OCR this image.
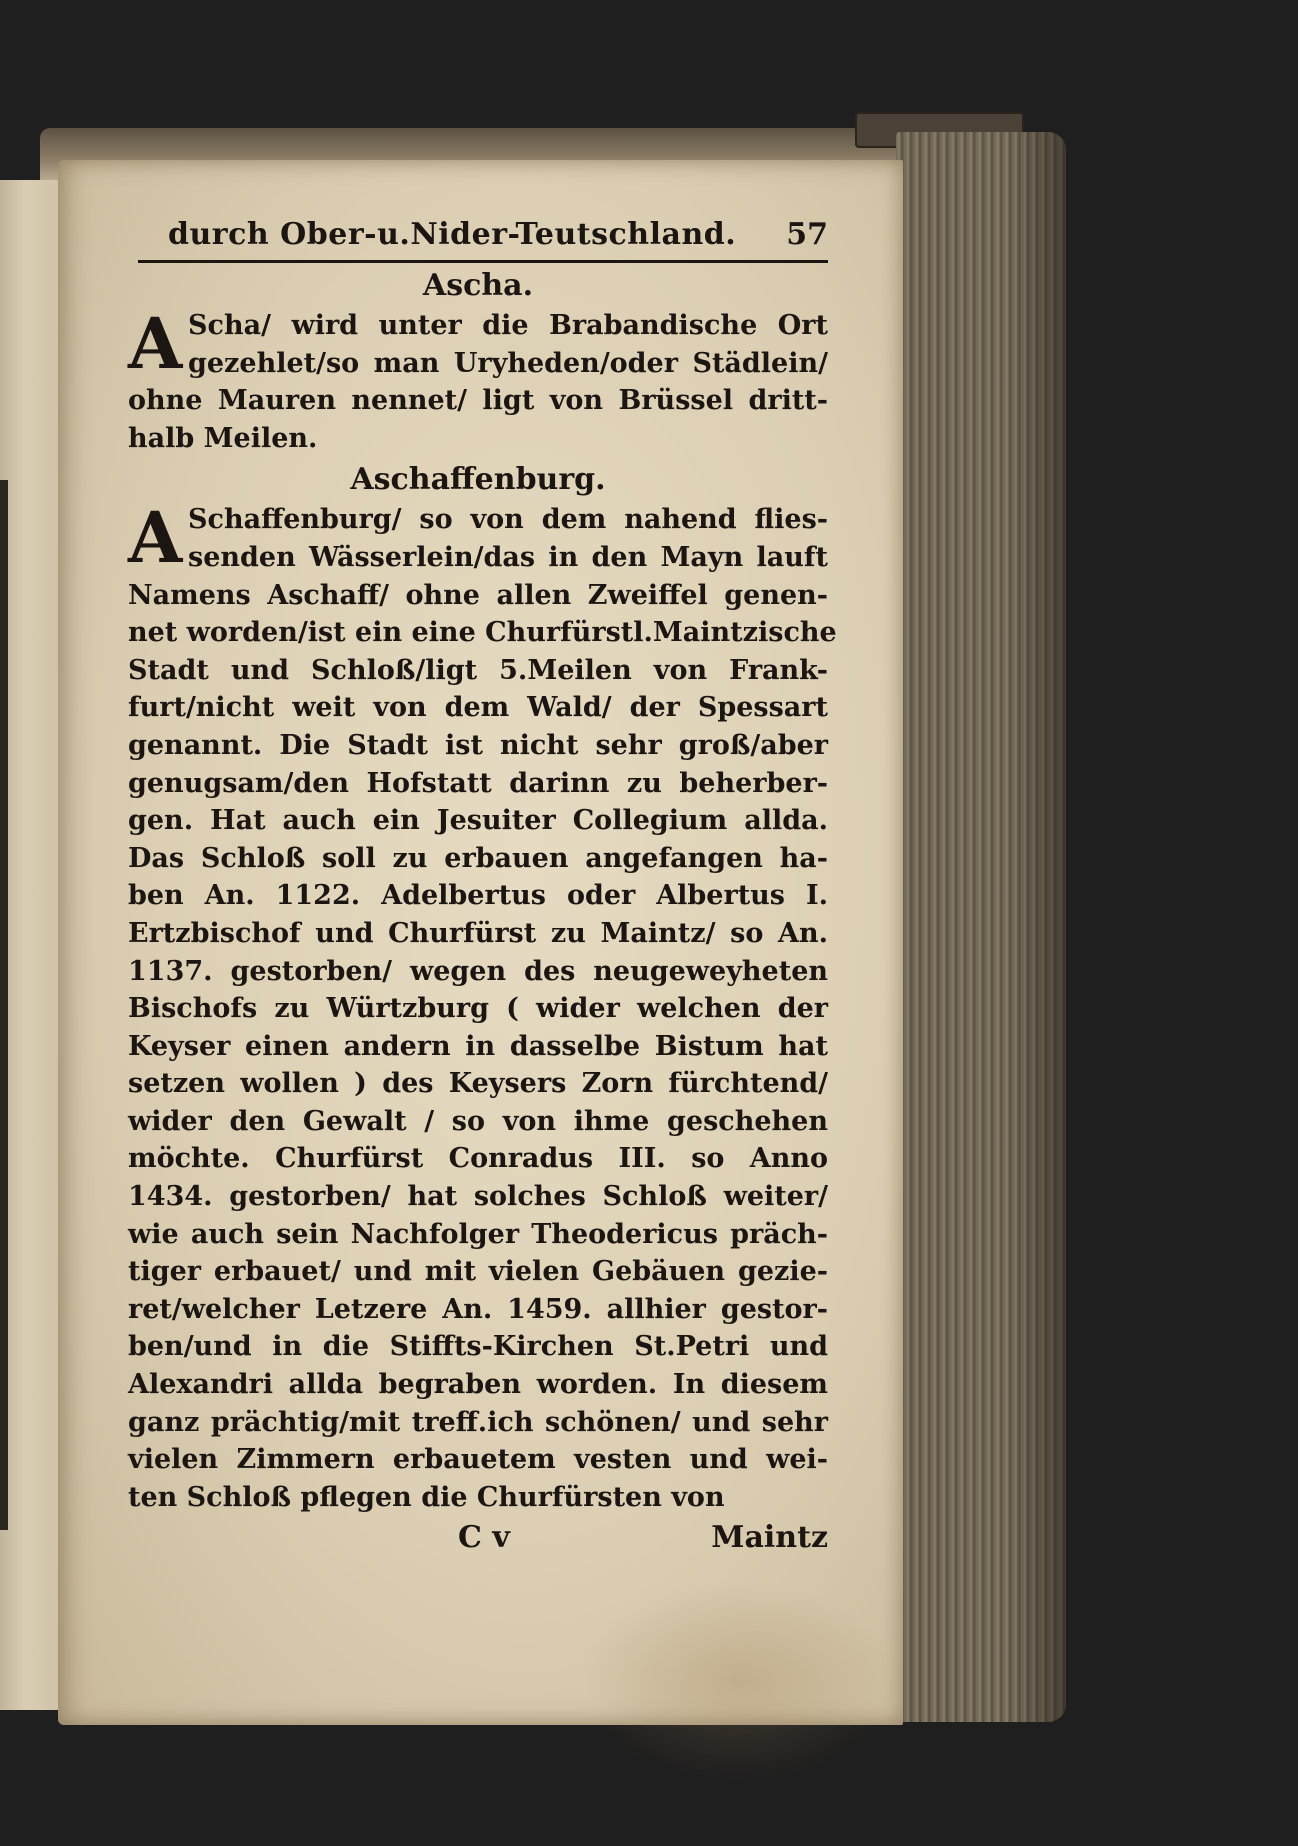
durch Ober-u.Nider-Teutschland. 57
Ascha.
A Scha/ wird unter die Brabandische Ort
gezehlet/so man Uryheden/oder Städlein/
ohne Mauren nennet/ ligt von Brüssel dritt-
halb Meilen.
Aschaffenburg.
A Schaffenburg/ so von dem nahend flies-
senden Wässerlein/das in den Mayn lauft
Namens Aschaff/ ohne allen Zweiffel genen-
net worden/ist ein eine Churfürstl.Maintzische
Stadt und Schloß/ligt 5.Meilen von Frank-
furt/nicht weit von dem Wald/ der Spessart
genannt. Die Stadt ist nicht sehr groß/aber
genugsam/den Hofstatt darinn zu beherber-
gen. Hat auch ein Jesuiter Collegium allda.
Das Schloß soll zu erbauen angefangen ha-
ben An. 1122. Adelbertus oder Albertus I.
Ertzbischof und Churfürst zu Maintz/ so An.
1137. gestorben/ wegen des neugeweyheten
Bischofs zu Würtzburg ( wider welchen der
Keyser einen andern in dasselbe Bistum hat
setzen wollen ) des Keysers Zorn fürchtend/
wider den Gewalt / so von ihme geschehen
möchte. Churfürst Conradus III. so Anno
1434. gestorben/ hat solches Schloß weiter/
wie auch sein Nachfolger Theodericus präch-
tiger erbauet/ und mit vielen Gebäuen gezie-
ret/welcher Letzere An. 1459. allhier gestor-
ben/und in die Stiffts-Kirchen St.Petri und
Alexandri allda begraben worden. In diesem
ganz prächtig/mit treff.ich schönen/ und sehr
vielen Zimmern erbauetem vesten und wei-
ten Schloß pflegen die Churfürsten von
C v	Maintz
